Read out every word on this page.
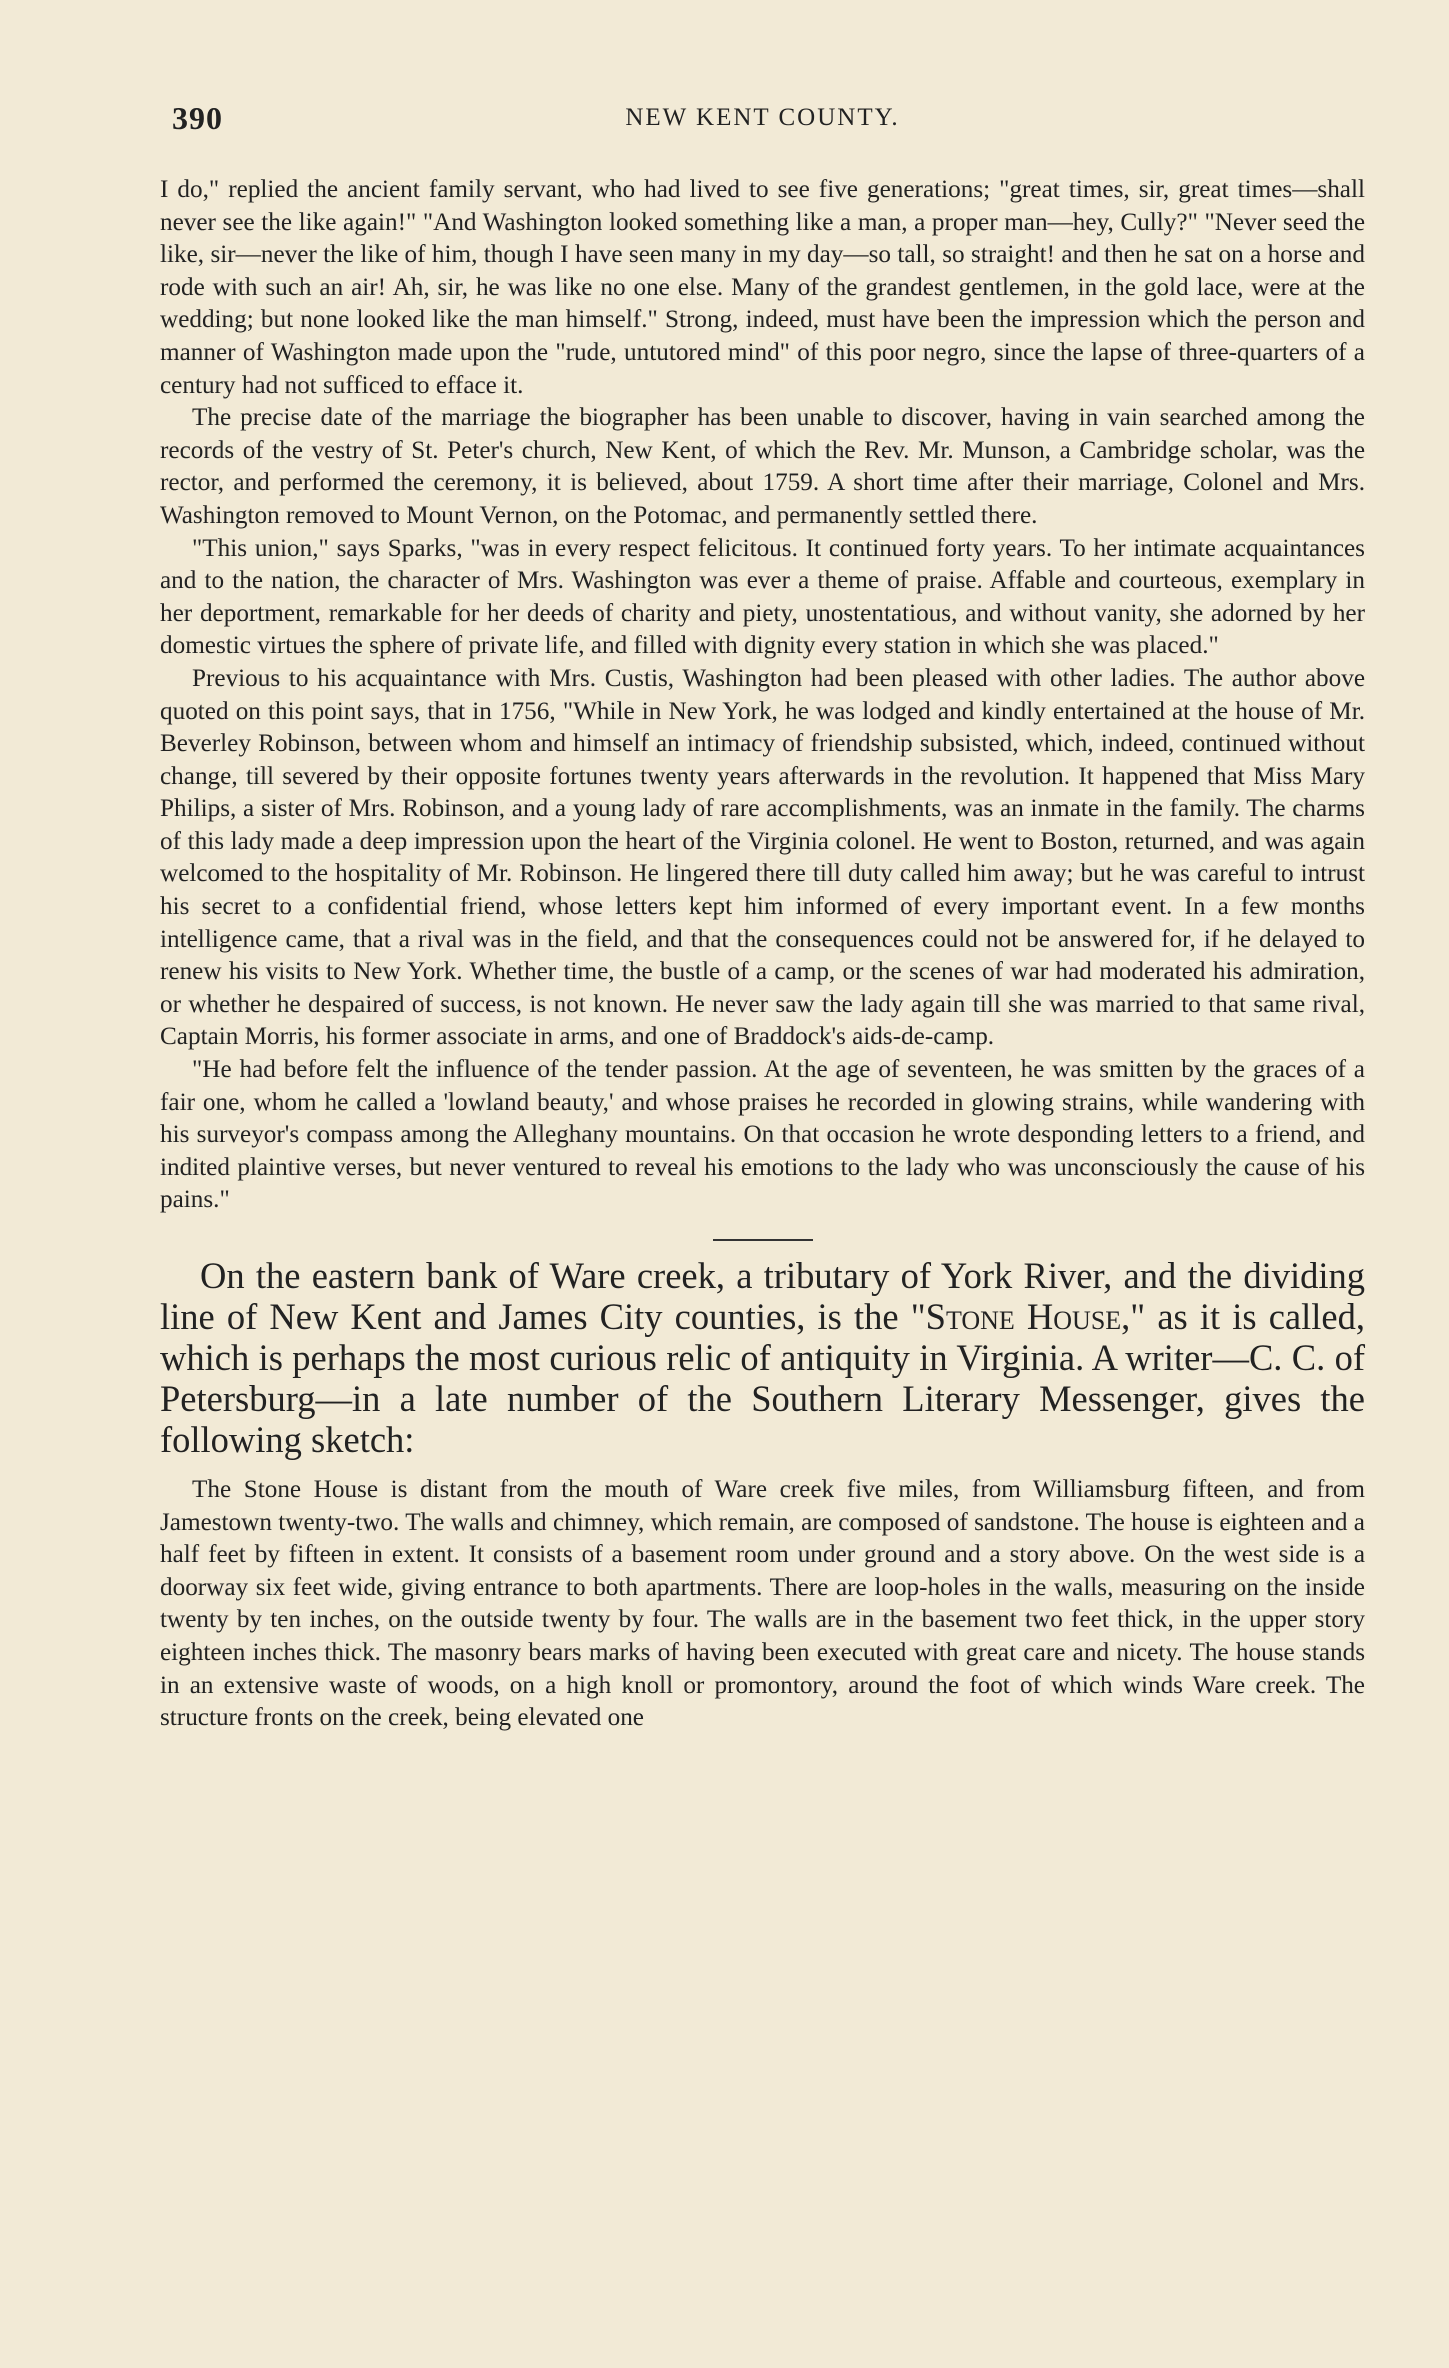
390	NEW KENT COUNTY.

I do," replied the ancient family servant, who had lived to see five generations; "great times, sir, great times—shall never see the like again!" "And Washington looked something like a man, a proper man—hey, Cully?" "Never seed the like, sir—never the like of him, though I have seen many in my day—so tall, so straight! and then he sat on a horse and rode with such an air! Ah, sir, he was like no one else. Many of the grandest gentlemen, in the gold lace, were at the wedding; but none looked like the man himself." Strong, indeed, must have been the impression which the person and manner of Washington made upon the "rude, untutored mind" of this poor negro, since the lapse of three-quarters of a century had not sufficed to efface it.

The precise date of the marriage the biographer has been unable to discover, having in vain searched among the records of the vestry of St. Peter's church, New Kent, of which the Rev. Mr. Munson, a Cambridge scholar, was the rector, and performed the ceremony, it is believed, about 1759. A short time after their marriage, Colonel and Mrs. Washington removed to Mount Vernon, on the Potomac, and permanently settled there.

"This union," says Sparks, "was in every respect felicitous. It continued forty years. To her intimate acquaintances and to the nation, the character of Mrs. Washington was ever a theme of praise. Affable and courteous, exemplary in her deportment, remarkable for her deeds of charity and piety, unostentatious, and without vanity, she adorned by her domestic virtues the sphere of private life, and filled with dignity every station in which she was placed."

Previous to his acquaintance with Mrs. Custis, Washington had been pleased with other ladies. The author above quoted on this point says, that in 1756, "While in New York, he was lodged and kindly entertained at the house of Mr. Beverley Robinson, between whom and himself an intimacy of friendship subsisted, which, indeed, continued without change, till severed by their opposite fortunes twenty years afterwards in the revolution. It happened that Miss Mary Philips, a sister of Mrs. Robinson, and a young lady of rare accomplishments, was an inmate in the family. The charms of this lady made a deep impression upon the heart of the Virginia colonel. He went to Boston, returned, and was again welcomed to the hospitality of Mr. Robinson. He lingered there till duty called him away; but he was careful to intrust his secret to a confidential friend, whose letters kept him informed of every important event. In a few months intelligence came, that a rival was in the field, and that the consequences could not be answered for, if he delayed to renew his visits to New York. Whether time, the bustle of a camp, or the scenes of war had moderated his admiration, or whether he despaired of success, is not known. He never saw the lady again till she was married to that same rival, Captain Morris, his former associate in arms, and one of Braddock's aids-de-camp.

"He had before felt the influence of the tender passion. At the age of seventeen, he was smitten by the graces of a fair one, whom he called a 'lowland beauty,' and whose praises he recorded in glowing strains, while wandering with his surveyor's compass among the Alleghany mountains. On that occasion he wrote desponding letters to a friend, and indited plaintive verses, but never ventured to reveal his emotions to the lady who was unconsciously the cause of his pains."

On the eastern bank of Ware creek, a tributary of York River, and the dividing line of New Kent and James City counties, is the "Stone House," as it is called, which is perhaps the most curious relic of antiquity in Virginia. A writer—C. C. of Petersburg—in a late number of the Southern Literary Messenger, gives the following sketch:

The Stone House is distant from the mouth of Ware creek five miles, from Williamsburg fifteen, and from Jamestown twenty-two. The walls and chimney, which remain, are composed of sandstone. The house is eighteen and a half feet by fifteen in extent. It consists of a basement room under ground and a story above. On the west side is a doorway six feet wide, giving entrance to both apartments. There are loop-holes in the walls, measuring on the inside twenty by ten inches, on the outside twenty by four. The walls are in the basement two feet thick, in the upper story eighteen inches thick. The masonry bears marks of having been executed with great care and nicety. The house stands in an extensive waste of woods, on a high knoll or promontory, around the foot of which winds Ware creek. The structure fronts on the creek, being elevated one
